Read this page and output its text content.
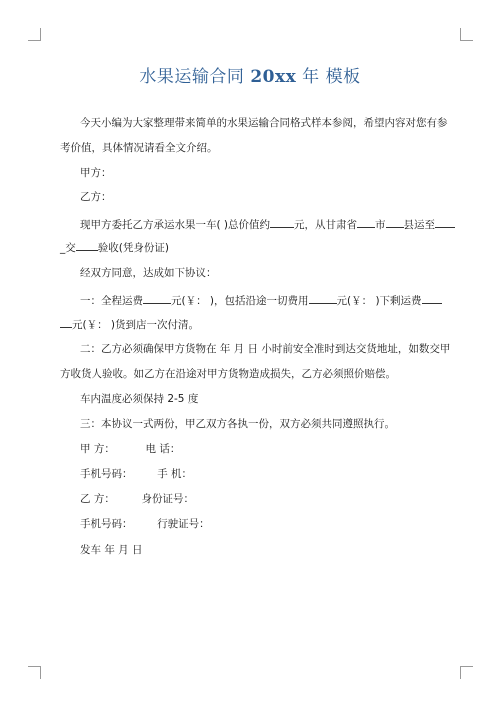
水果运输合同 20xx 年 模板
今天小编为大家整理带来简单的水果运输合同格式样本参阅，希望内容对您有参
考价值，具体情况请看全文介绍。
甲方：
乙方：
现甲方委托乙方承运水果一车( )总价值约 元，从甘肃省 市 县运至
_交 验收(凭身份证)
经双方同意，达成如下协议：
一：全程运费	元(￥： )，包括沿途一切费用	元(￥： )下剩运费
元(￥： )货到店一次付清。
二：乙方必须确保甲方货物在 年 月 日 小时前安全准时到达交货地址，如数交甲
方收货人验收。如乙方在沿途对甲方货物造成损失，乙方必须照价赔偿。
车内温度必须保持 2-5 度
三：本协议一式两份，甲乙双方各执一份，双方必须共同遵照执行。
甲 方：	电 话：
手机号码： 手 机：
乙 方：	身份证号：
手机号码： 行驶证号：
发车 年 月 日
